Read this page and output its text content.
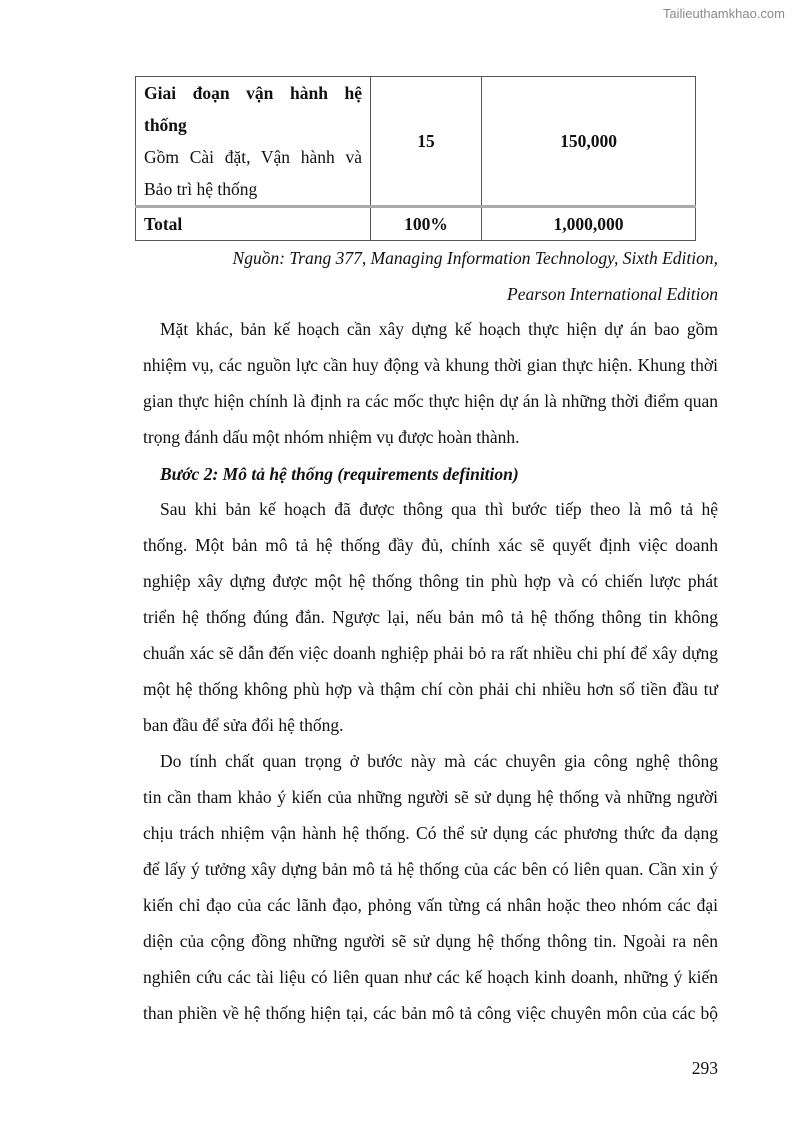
Tailieuthamkhao.com
Giai đoạn vận hành hệ
thống
Gồm Cài đặt, Vận hành và
Bảo trì hệ thống	15	150,000
Total	100%	1,000,000
Nguồn: Trang 377, Managing Information Technology, Sixth Edition,
Pearson International Edition
Mặt khác, bản kế hoạch cần xây dựng kế hoạch thực hiện dự án bao gồm
nhiệm vụ, các nguồn lực cần huy động và khung thời gian thực hiện. Khung thời
gian thực hiện chính là định ra các mốc thực hiện dự án là những thời điểm quan
trọng đánh dấu một nhóm nhiệm vụ được hoàn thành.
Bước 2: Mô tả hệ thống (requirements definition)
Sau khi bản kế hoạch đã được thông qua thì bước tiếp theo là mô tả hệ
thống. Một bản mô tả hệ thống đầy đủ, chính xác sẽ quyết định việc doanh
nghiệp xây dựng được một hệ thống thông tin phù hợp và có chiến lược phát
triển hệ thống đúng đắn. Ngược lại, nếu bản mô tả hệ thống thông tin không
chuẩn xác sẽ dẫn đến việc doanh nghiệp phải bỏ ra rất nhiều chi phí để xây dựng
một hệ thống không phù hợp và thậm chí còn phải chi nhiều hơn số tiền đầu tư
ban đầu để sửa đổi hệ thống.
Do tính chất quan trọng ở bước này mà các chuyên gia công nghệ thông
tin cần tham khảo ý kiến của những người sẽ sử dụng hệ thống và những người
chịu trách nhiệm vận hành hệ thống. Có thể sử dụng các phương thức đa dạng
để lấy ý tưởng xây dựng bản mô tả hệ thống của các bên có liên quan. Cần xin ý
kiến chỉ đạo của các lãnh đạo, phỏng vấn từng cá nhân hoặc theo nhóm các đại
diện của cộng đồng những người sẽ sử dụng hệ thống thông tin. Ngoài ra nên
nghiên cứu các tài liệu có liên quan như các kế hoạch kinh doanh, những ý kiến
than phiền về hệ thống hiện tại, các bản mô tả công việc chuyên môn của các bộ
293
